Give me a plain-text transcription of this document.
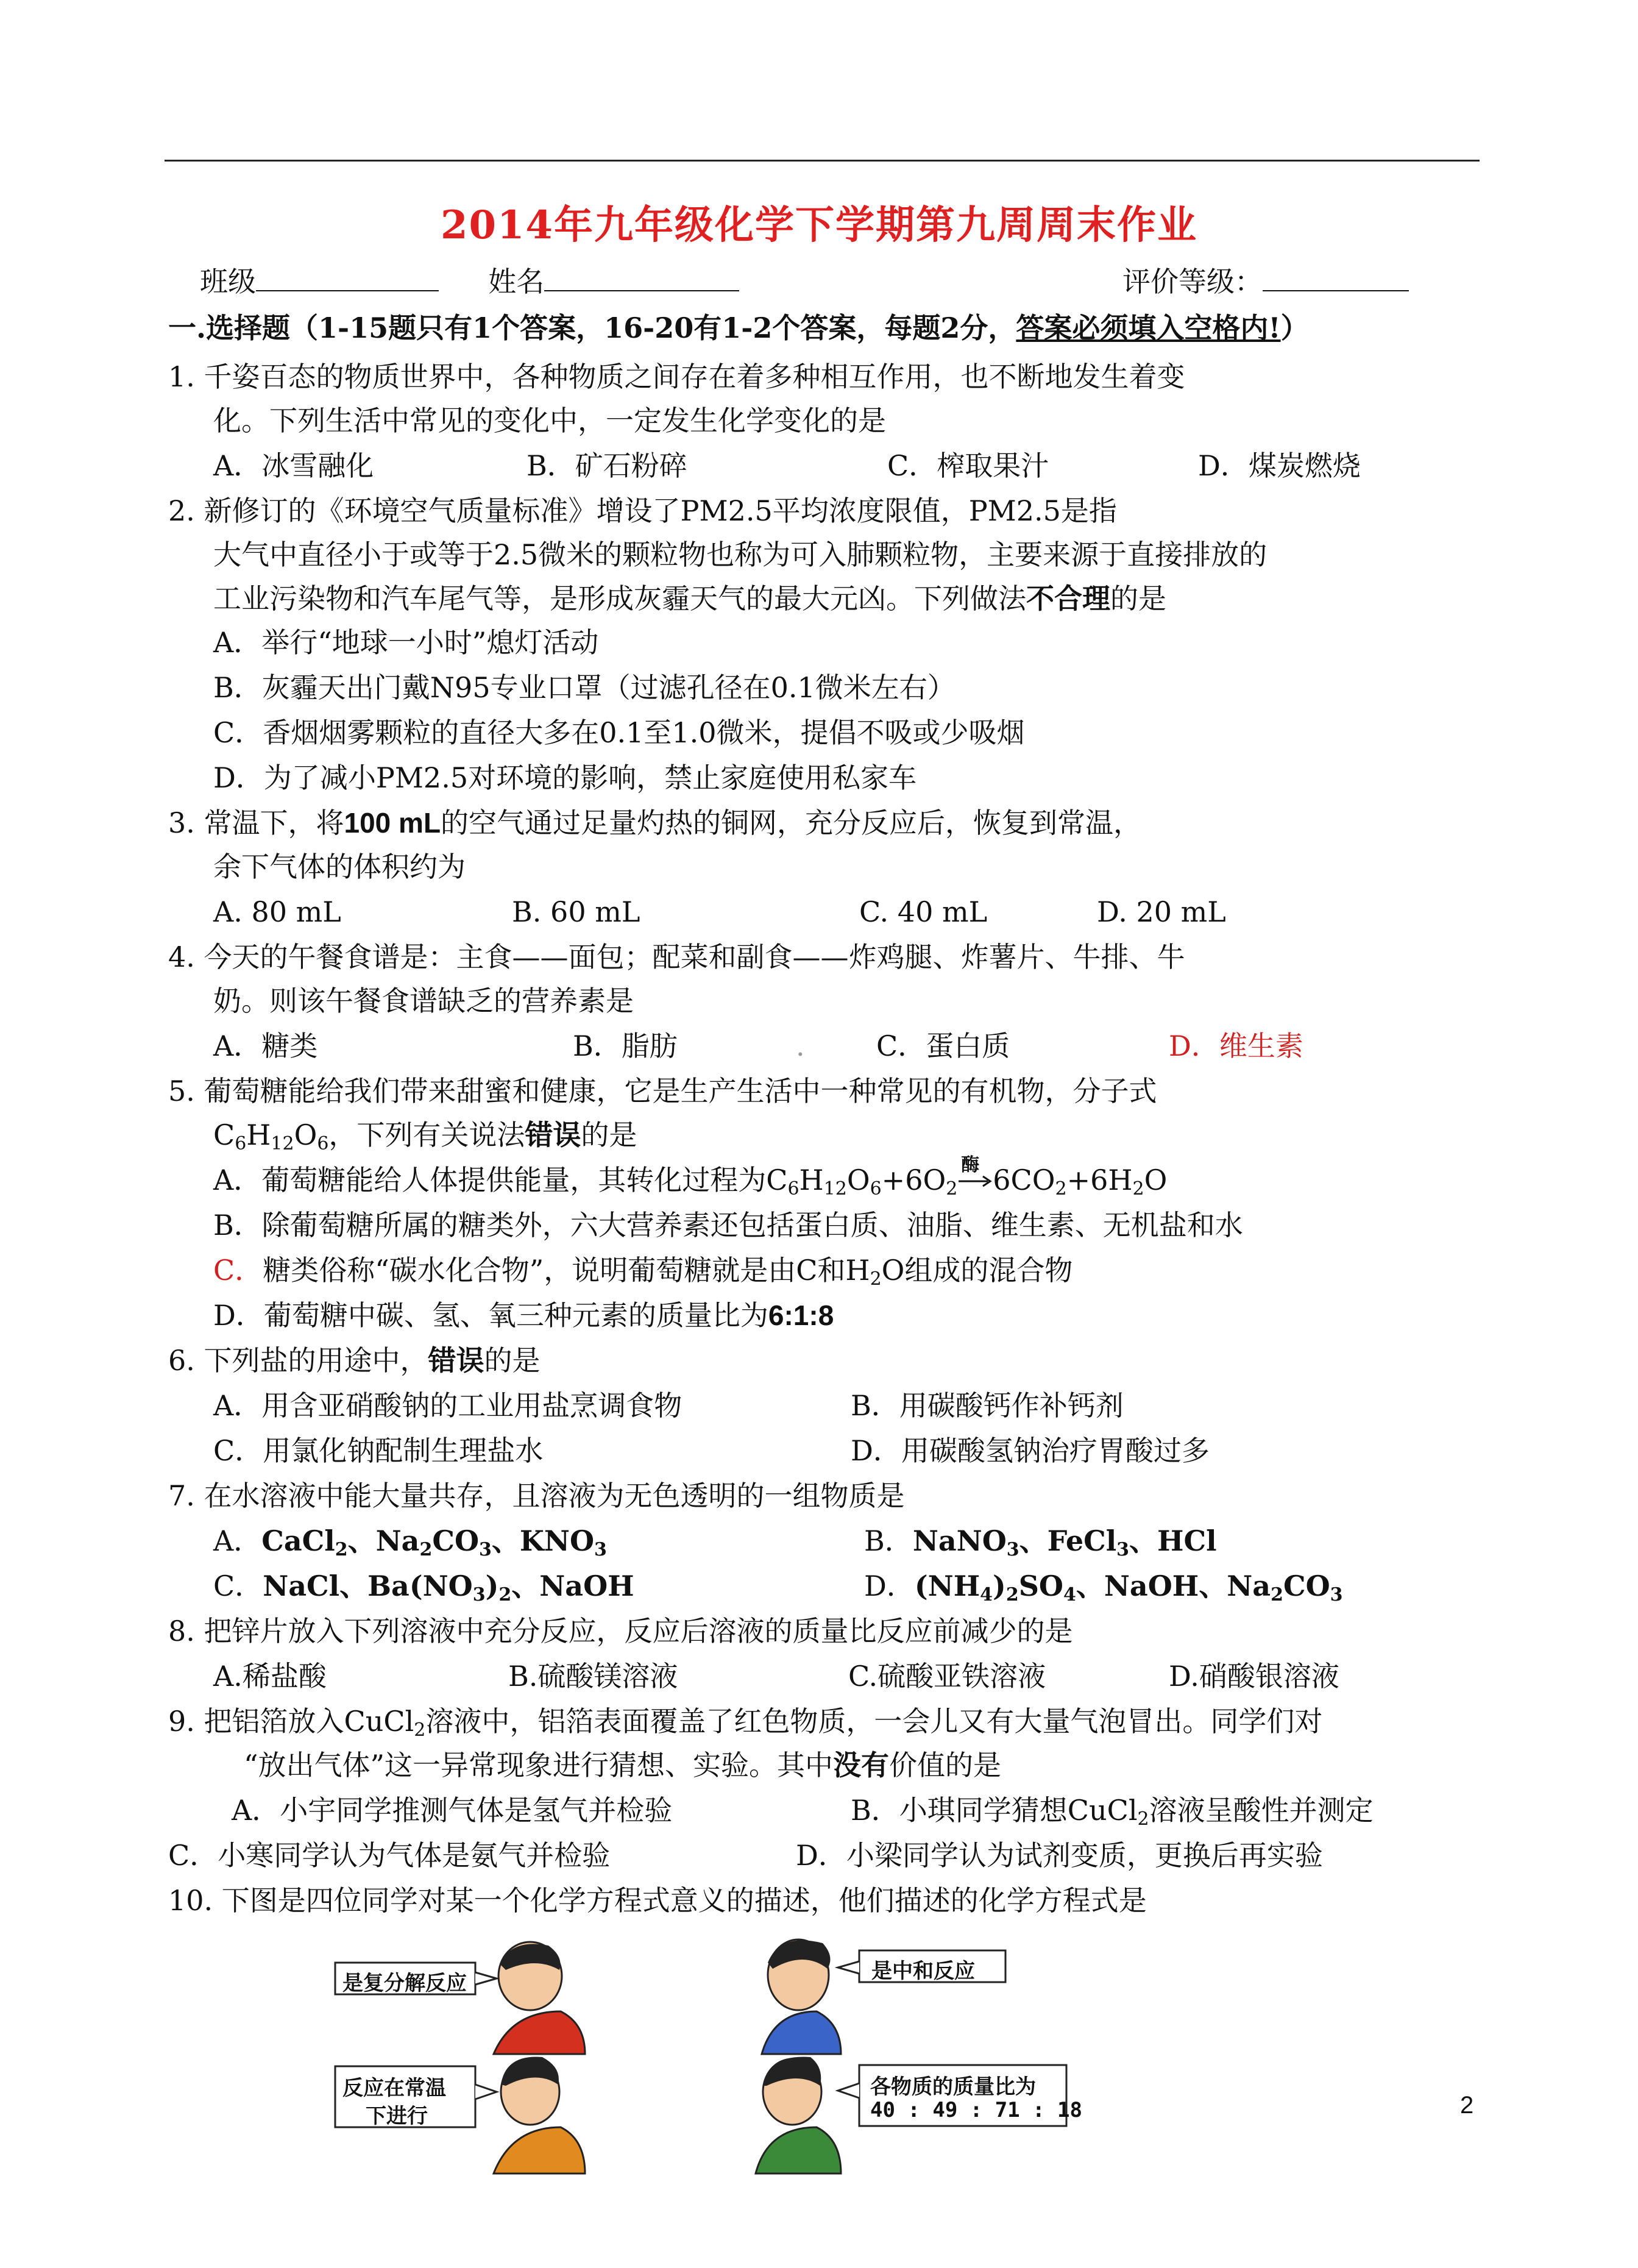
2014年九年级化学下学期第九周周末作业
班级	姓名	评价等级：
一.选择题（1-15题只有1个答案，16-20有1-2个答案，每题2分，答案必须填入空格内!）
1. 千姿百态的物质世界中，各种物质之间存在着多种相互作用，也不断地发生着变
化。下列生活中常见的变化中，一定发生化学变化的是
A．冰雪融化	B．矿石粉碎	C．榨取果汁	D．煤炭燃烧
2. 新修订的《环境空气质量标准》增设了PM2.5平均浓度限值，PM2.5是指
大气中直径小于或等于2.5微米的颗粒物也称为可入肺颗粒物，主要来源于直接排放的
工业污染物和汽车尾气等，是形成灰霾天气的最大元凶。下列做法不合理的是
A．举行“地球一小时”熄灯活动
B．灰霾天出门戴N95专业口罩（过滤孔径在0.1微米左右）
C．香烟烟雾颗粒的直径大多在0.1至1.0微米，提倡不吸或少吸烟
D．为了减小PM2.5对环境的影响，禁止家庭使用私家车
3. 常温下，将100 mL的空气通过足量灼热的铜网，充分反应后，恢复到常温，
余下气体的体积约为
A. 80 mL	B. 60 mL	C. 40 mL	D. 20 mL
4. 今天的午餐食谱是：主食——面包；配菜和副食——炸鸡腿、炸薯片、牛排、牛
奶。则该午餐食谱缺乏的营养素是
A．糖类	B．脂肪	.	C．蛋白质	D．维生素
5. 葡萄糖能给我们带来甜蜜和健康，它是生产生活中一种常见的有机物，分子式
$C_6H_{12}O_6$，下列有关说法错误的是
A．葡萄糖能给人体提供能量，其转化过程为$C_6H_{12}O_6+6O_2$
酶 $6CO_2+6H_2O$
B．除葡萄糖所属的糖类外，六大营养素还包括蛋白质、油脂、维生素、无机盐和水
C．糖类俗称“碳水化合物”，说明葡萄糖就是由C和$H_2O$组成的混合物
D．葡萄糖中碳、氢、氧三种元素的质量比为6:1:8
6. 下列盐的用途中，错误的是
A．用含亚硝酸钠的工业用盐烹调食物	B．用碳酸钙作补钙剂
C．用氯化钠配制生理盐水	D．用碳酸氢钠治疗胃酸过多
7. 在水溶液中能大量共存，且溶液为无色透明的一组物质是
A．CaCl$_2$、$Na_2CO_3$、$KNO_3$	B．NaNO$_3$、FeCl$_3$、HCl
C．NaCl、$Ba(NO_3)_2$、NaOH	D．$(NH_4)_2SO_4$、NaOH、$Na_2CO_3$
8. 把锌片放入下列溶液中充分反应，反应后溶液的质量比反应前减少的是
A.稀盐酸	B.硫酸镁溶液	C.硫酸亚铁溶液	D.硝酸银溶液
9. 把铝箔放入CuCl$_2$溶液中，铝箔表面覆盖了红色物质，一会儿又有大量气泡冒出。同学们对
“放出气体”这一异常现象进行猜想、实验。其中没有价值的是
A．小宇同学推测气体是氢气并检验	B．小琪同学猜想CuCl$_2$溶液呈酸性并测定
C．小寒同学认为气体是氨气并检验	D．小梁同学认为试剂变质，更换后再实验
10. 下图是四位同学对某一个化学方程式意义的描述，他们描述的化学方程式是
是复分解反应	是中和反应
反应在常温
下进行
各物质的质量比为
40 : 49 : 71 : 18	2
